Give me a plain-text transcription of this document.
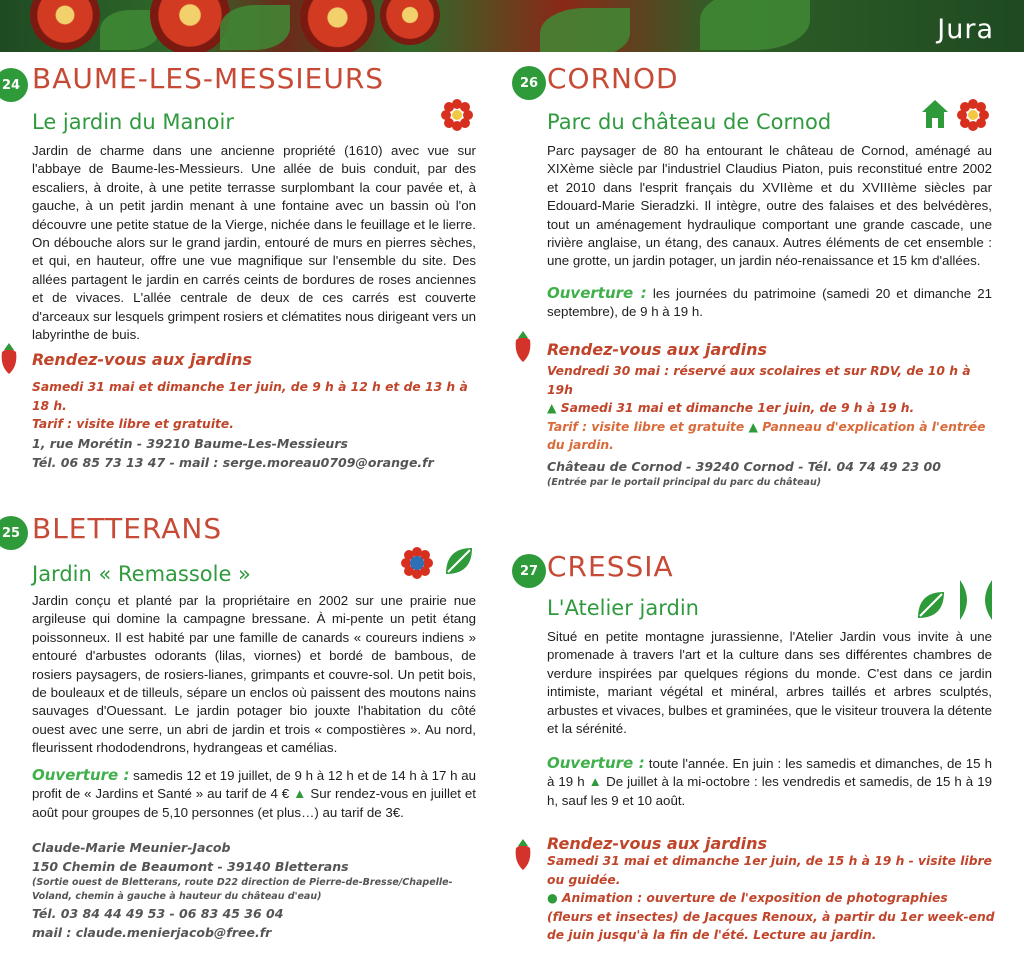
Jura
24 BAUME-LES-MESSIEURS
Le jardin du Manoir
Jardin de charme dans une ancienne propriété (1610) avec vue sur l'abbaye de Baume-les-Messieurs. Une allée de buis conduit, par des escaliers, à droite, à une petite terrasse surplombant la cour pavée et, à gauche, à un petit jardin menant à une fontaine avec un bassin où l'on découvre une petite statue de la Vierge, nichée dans le feuillage et le lierre. On débouche alors sur le grand jardin, entouré de murs en pierres sèches, et qui, en hauteur, offre une vue magnifique sur l'ensemble du site. Des allées partagent le jardin en carrés ceints de bordures de roses anciennes et de vivaces. L'allée centrale de deux de ces carrés est couverte d'arceaux sur lesquels grimpent rosiers et clématites nous dirigeant vers un labyrinthe de buis.
Rendez-vous aux jardins
Samedi 31 mai et dimanche 1er juin, de 9 h à 12 h et de 13 h à 18 h.
Tarif : visite libre et gratuite.
1, rue Morétin - 39210 Baume-Les-Messieurs
Tél. 06 85 73 13 47 - mail : serge.moreau0709@orange.fr
25 BLETTERANS
Jardin « Remassole »
Jardin conçu et planté par la propriétaire en 2002 sur une prairie nue argileuse qui domine la campagne bressane. À mi-pente un petit étang poissonneux. Il est habité par une famille de canards « coureurs indiens » entouré d'arbustes odorants (lilas, viornes) et bordé de bambous, de rosiers paysagers, de rosiers-lianes, grimpants et couvre-sol. Un petit bois, de bouleaux et de tilleuls, sépare un enclos où paissent des moutons nains sauvages d'Ouessant. Le jardin potager bio jouxte l'habitation du côté ouest avec une serre, un abri de jardin et trois « compostières ». Au nord, fleurissent rhododendrons, hydrangeas et camélias.
Ouverture : samedis 12 et 19 juillet, de 9 h à 12 h et de 14 h à 17 h au profit de « Jardins et Santé » au tarif de 4 € ▲ Sur rendez-vous en juillet et août pour groupes de 5,10 personnes (et plus…) au tarif de 3€.
Claude-Marie Meunier-Jacob
150 Chemin de Beaumont - 39140 Bletterans
(Sortie ouest de Bletterans, route D22 direction de Pierre-de-Bresse/Chapelle-Voland, chemin à gauche à hauteur du château d'eau)
Tél. 03 84 44 49 53 - 06 83 45 36 04
mail : claude.menierjacob@free.fr
26 CORNOD
Parc du château de Cornod
Parc paysager de 80 ha entourant le château de Cornod, aménagé au XIXème siècle par l'industriel Claudius Piaton, puis reconstitué entre 2002 et 2010 dans l'esprit français du XVIIème et du XVIIIème siècles par Edouard-Marie Sieradzki. Il intègre, outre des falaises et des belvédères, tout un aménagement hydraulique comportant une grande cascade, une rivière anglaise, un étang, des canaux. Autres éléments de cet ensemble : une grotte, un jardin potager, un jardin néo-renaissance et 15 km d'allées.
Ouverture : les journées du patrimoine (samedi 20 et dimanche 21 septembre), de 9 h à 19 h.
Rendez-vous aux jardins
Vendredi 30 mai : réservé aux scolaires et sur RDV, de 10 h à 19h
▲ Samedi 31 mai et dimanche 1er juin, de 9 h à 19 h.
Tarif : visite libre et gratuite ▲ Panneau d'explication à l'entrée du jardin.
Château de Cornod - 39240 Cornod - Tél. 04 74 49 23 00
(Entrée par le portail principal du parc du château)
27 CRESSIA
L'Atelier jardin
Situé en petite montagne jurassienne, l'Atelier Jardin vous invite à une promenade à travers l'art et la culture dans ses différentes chambres de verdure inspirées par quelques régions du monde. C'est dans ce jardin intimiste, mariant végétal et minéral, arbres taillés et arbres sculptés, arbustes et vivaces, bulbes et graminées, que le visiteur trouvera la détente et la sérénité.
Ouverture : toute l'année. En juin : les samedis et dimanches, de 15 h à 19 h ▲ De juillet à la mi-octobre : les vendredis et samedis, de 15 h à 19 h, sauf les 9 et 10 août.
Rendez-vous aux jardins
Samedi 31 mai et dimanche 1er juin, de 15 h à 19 h - visite libre ou guidée.
● Animation : ouverture de l'exposition de photographies (fleurs et insectes) de Jacques Renoux, à partir du 1er week-end de juin jusqu'à la fin de l'été. Lecture au jardin.
